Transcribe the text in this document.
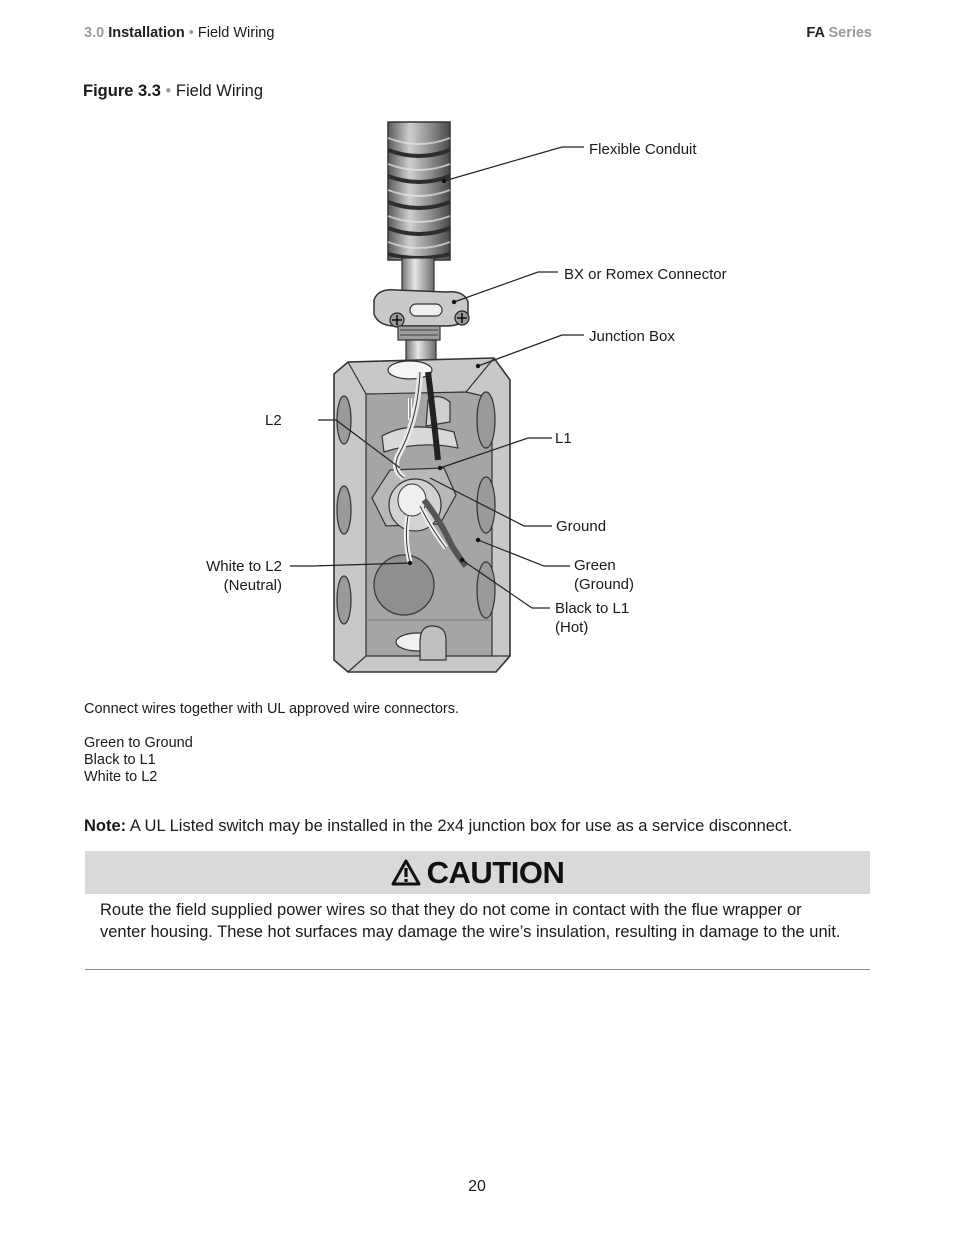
3.0 Installation • Field Wiring	FA Series
Figure 3.3 • Field Wiring
Flexible Conduit
BX or Romex Connector
Junction Box
L2
L1
Ground
White to L2
(Neutral)
Green
(Ground)
Black to L1
(Hot)
Connect wires together with UL approved wire connectors.
Green to Ground
Black to L1
White to L2
Note: A UL Listed switch may be installed in the 2x4 junction box for use as a service disconnect.
CAUTION
Route the field supplied power wires so that they do not come in contact with the flue wrapper or venter housing. These hot surfaces may damage the wire’s insulation, resulting in damage to the unit.
20
